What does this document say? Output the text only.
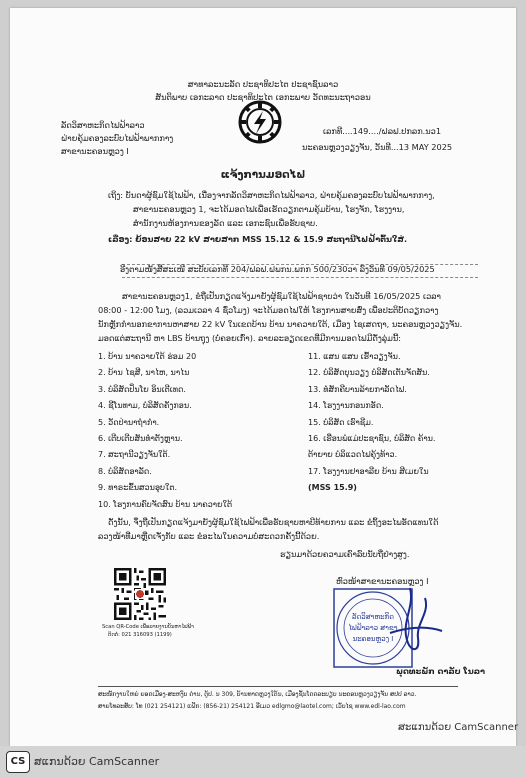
ສາທາລະນະລັດ ປະຊາທິປະໄຕ ປະຊາຊົນລາວ
ສັນຕິພາບ ເອກະລາດ ປະຊາທິປະໄຕ ເອກະພາບ ວັດທະນະຖາວອນ
ລັດວິສາຫະກິດໄຟຟ້າລາວ
ຝ່າຍຄຸ້ມຄອງລະບົບໄຟຟ້າພາກກາງ
ສາຂານະຄອນຫຼວງ I
ເລກທີ....149..../ຝລຟ.ປກລກ.ນວ1
ນະຄອນຫຼວງວຽງຈັນ, ວັນທີ...13 MAY 2025
ແຈ້ງການມອດໄຟ
ເຖິງ: ບັນດາຜູ້ຊົມໃຊ້ໄຟຟ້າ, ເນື່ອງຈາກລັດວິສາຫະກິດໄຟຟ້າລາວ, ຝ່າຍຄຸ້ມຄອງລະບົບໄຟຟ້າພາກກາງ,
ສາຂານະຄອນຫຼວງ 1, ຈະໄດ້ມອດໄຟເພື່ອເຮັດວຽກຕາມຄຸ້ມບ້ານ, ໂຮງຈັກ, ໂຮງງານ,
ສຳນັກງານຫ້ອງການຂອງລັດ ແລະ ເອກະຊົນເພື່ອຮັບຊາບ.
ເລື່ອງ: ຍ້ອນສາຍ 22 kV ສາຍສາກ MSS 15.12 & 15.9 ສະຖານີໄຟຟ້າຕົ້ນໃສ່.
ອີງຕາມໜັງສືສະເໜີ ສະບັບເລກທີ 204/ຝລຟ.ຝພກນ.ພກກ 500/230ວາ ລົງວັນທີ 09/05/2025
ສາຂານະຄອນຫຼວງ1, ຂໍຖືເປັນກຽດແຈ້ງມາຍັງຜູ້ຊົມໃຊ້ໄຟຟ້າຊາບວ່າ ໃນວັນທີ 16/05/2025 ເວລາ
08:00 - 12:00 ໂມງ, (ລວມເວລາ 4 ຊົ່ວໂມງ) ຈະໄດ້ມອດໄຟໃຫ້ ໂຮງການສາຍສົ່ງ ເພື່ອປະຕິບັດວຽກວາງ
ນັກຫຼັກກຳນອກຂາການຫາສາຍ 22 kV ໃນເຂດບ້ານ ບ້ານ ນາຄວາຍໃຕ້, ເມືອງ ໄຊເສດຖາ, ນະຄອນຫຼວງວຽງຈັນ.
ມອດແຕ່ສະຖານີ ຫາ LBS ບ້ານຖຸງ (ບໍ່ຄອຍເກົ່າ). ລາຍລະອຽດເຂດທີ່ມີການມອດໄຟມີດັ່ງລຸ່ມນີ້:
1. ບ້ານ ນາຄວາຍໃຕ້ ຮ່ອມ 20
2. ບ້ານ ໄຊສີ, ນາໄຫ, ນາໄນ
3. ບໍລິສັດປິ່ນໂຍ ອິນເຕີເທດ.
4. ຊີໂນທາມ, ບໍລິສັດຄັງກອນ.
5. ວັດປ່ານາຖໍາກໍາ.
6. ເຕີບເຕີບສັນທໍ່າຕັງຫຼານ.
7. ສະຖານີວຽງຈັນໃຕ້.
8. ບໍລິສັດອາລັດ.
9. ທາຣະຂົ້ນສວນອຸບໃຕ.
10. ໂຮງການຄົບຈັດສົນ ບ້ານ ນາຄວາຍໃຕ້
11. ແສນ ແສນ ເຮົ້າວຽງຈັນ.
12. ບໍລິສັດບຸນວຽງ ບໍລິສັດເຕັນຈັດສັນ.
13. ທໍ່ສັກຄີບານລ້າຍກາລັດໄຟ.
14. ໂຮງງານກອນກອັດ.
15. ບໍລິສັດ ເຮົາຊີມ.
16. ເຮືອນພໍແມ່ປະຊາຊົນ, ບໍລິສັດ ຄ້ານ.
ຕ້າຍາຍ ບໍລິແວດໄຟຄຸ້ງທ້າວ.
17. ໂຮງງານຢາອາລີຍ ບ້ານ ສີເມຍໃນ
(MSS 15.9)
ດັ່ງນັ້ນ, ຈຶ່ງຖືເປັນກຽດແຈ້ງມາຍັງຜູ້ຊົມໃຊ້ໄຟຟ້າເພື່ອຮັບຊາບຫາບີທ້າຍການ ແລະ ຂໍຖິ້ງອະໄພອັດແທນໃດ້
ລວງໜ້າທີ່ມາຫຼືດເຈັ່ງກັບ ແລະ ຂໍອະໄພໃນຄວາມບໍ່ສະດວກຄັ້ງນີ້ດ້ວຍ.
ຮຽນມາດ້ວຍຄວາມເຄົາລົບນັບຖືຢ່າງສູງ.
ຫົວໜ້າສາຂານະຄອນຫຼວງ I
Scan QR-Code ເພື່ອລາຍງານບັນຫາໄຟຟ້າ
ຕິດຕໍ່: 021 316093 (1199)
ລັດວິສາຫະກິດ
ໄຟຟ້າລາວ ສາຂາ
ນະຄອນຫຼວງ I
ພຸດທະພັກ ດາລັບ ໂນລາ
ສະໜັກງານໃຫຍ່ ຍອດເມືອງ-ສະຫງົບ ດ່ານ, ຕູ້ປ. ນ 309, ບ້ານທາດຫຼວງໃຕ້ນ, ເມືອງຊັ້ນໂດດລະບຽບ ນະຄອນຫຼວງວຽງຈັນ ສປປ ລາວ.
ສາຍໂທລະສັບ: ໂທ (021 254121) ແຟັກ: (856-21) 254121 ອີເມວ edlgmo@laotel.com; ເວັບໄຊ www.edl-lao.com
ສະແກນດ້ວຍ CamScanner
CS ສແກນດ້ວຍ CamScanner
